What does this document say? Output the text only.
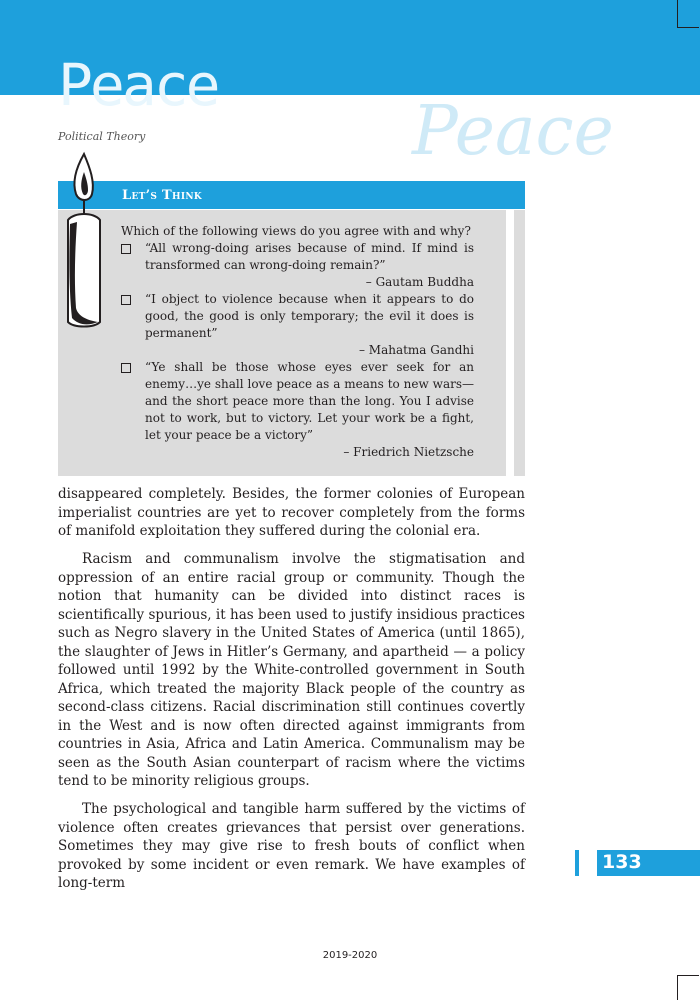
Peace
Peace
Political Theory
Let’s Think

Which of the following views do you agree with and why?

“All wrong-doing arises because of mind. If mind is transformed can wrong-doing remain?”

– Gautam Buddha

“I object to violence because when it appears to do good, the good is only temporary; the evil it does is permanent”

– Mahatma Gandhi

“Ye shall be those whose eyes ever seek for an enemy…ye shall love peace as a means to new wars—and the short peace more than the long. You I advise not to work, but to victory. Let your work be a fight, let your peace be a victory”

– Friedrich Nietzsche

disappeared completely. Besides, the former colonies of European imperialist countries are yet to recover completely from the forms of manifold exploitation they suffered during the colonial era.

Racism and communalism involve the stigmatisation and oppression of an entire racial group or community. Though the notion that humanity can be divided into distinct races is scientifically spurious, it has been used to justify insidious practices such as Negro slavery in the United States of America (until 1865), the slaughter of Jews in Hitler’s Germany, and apartheid — a policy followed until 1992 by the White-controlled government in South Africa, which treated the majority Black people of the country as second-class citizens. Racial discrimination still continues covertly in the West and is now often directed against immigrants from countries in Asia, Africa and Latin America. Communalism may be seen as the South Asian counterpart of racism where the victims tend to be minority religious groups.

The psychological and tangible harm suffered by the victims of violence often creates grievances that persist over generations. Sometimes they may give rise to fresh bouts of conflict when provoked by some incident or even remark. We have examples of long-term

133
2019-2020
